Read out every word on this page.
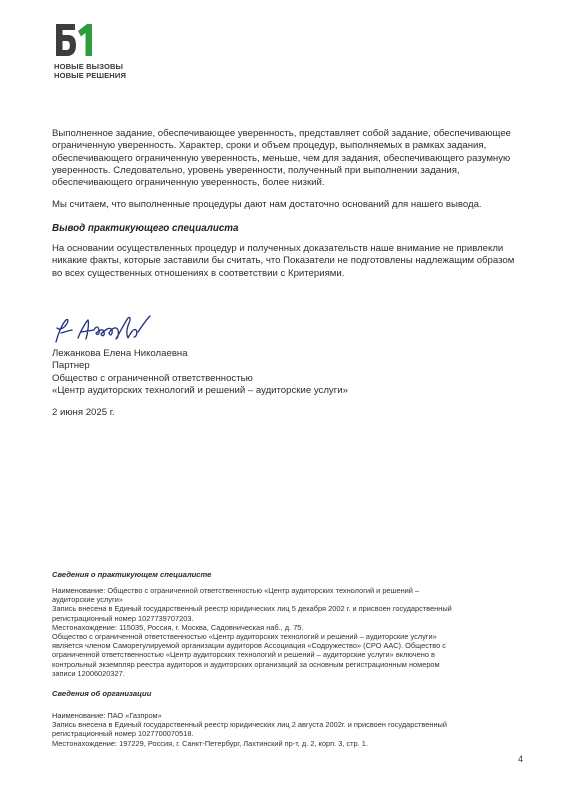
НОВЫЕ ВЫЗОВЫ
НОВЫЕ РЕШЕНИЯ
Выполненное задание, обеспечивающее уверенность, представляет собой задание, обеспечивающее ограниченную уверенность. Характер, сроки и объем процедур, выполняемых в рамках задания, обеспечивающего ограниченную уверенность, меньше, чем для задания, обеспечивающего разумную уверенность. Следовательно, уровень уверенности, полученный при выполнении задания, обеспечивающего ограниченную уверенность, более низкий.
Мы считаем, что выполненные процедуры дают нам достаточно оснований для нашего вывода.
Вывод практикующего специалиста
На основании осуществленных процедур и полученных доказательств наше внимание не привлекли никакие факты, которые заставили бы считать, что Показатели не подготовлены надлежащим образом во всех существенных отношениях в соответствии с Критериями.
Лежанкова Елена Николаевна
Партнер
Общество с ограниченной ответственностью
«Центр аудиторских технологий и решений – аудиторские услуги»
2 июня 2025 г.
Сведения о практикующем специалисте
Наименование: Общество с ограниченной ответственностью «Центр аудиторских технологий и решений –
аудиторские услуги»
Запись внесена в Единый государственный реестр юридических лиц 5 декабря 2002 г. и присвоен государственный
регистрационный номер 1027739707203.
Местонахождение: 115035, Россия, г. Москва, Садовническая наб., д. 75.
Общество с ограниченной ответственностью «Центр аудиторских технологий и решений – аудиторские услуги»
является членом Саморегулируемой организации аудиторов Ассоциация «Содружество» (СРО ААС). Общество с
ограниченной ответственностью «Центр аудиторских технологий и решений – аудиторские услуги» включено в
контрольный экземпляр реестра аудиторов и аудиторских организаций за основным регистрационным номером
записи 12006020327.
Сведения об организации
Наименование: ПАО «Газпром»
Запись внесена в Единый государственный реестр юридических лиц 2 августа 2002г. и присвоен государственный
регистрационный номер 1027700070518.
Местонахождение: 197229, Россия, г. Санкт-Петербург, Лахтинский пр-т, д. 2, корп. 3, стр. 1.
4
